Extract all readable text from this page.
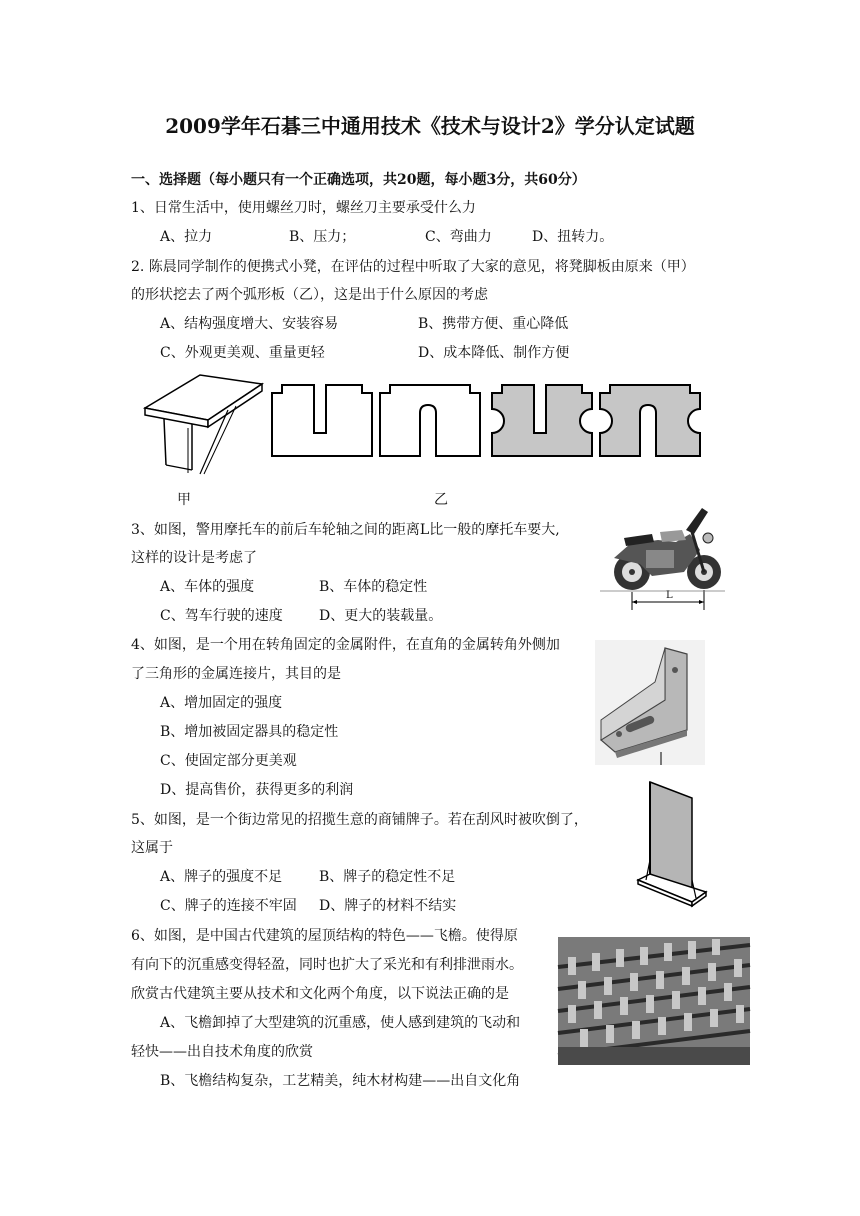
2009学年石碁三中通用技术《技术与设计2》学分认定试题
一、选择题（每小题只有一个正确选项，共20题，每小题3分，共60分）
1、日常生活中，使用螺丝刀时，螺丝刀主要承受什么力
A、拉力	B、压力；	C、弯曲力	D、扭转力。
2. 陈晨同学制作的便携式小凳，在评估的过程中听取了大家的意见，将凳脚板由原来（甲）
的形状挖去了两个弧形板（乙），这是出于什么原因的考虑
A、结构强度增大、安装容易	B、携带方便、重心降低
C、外观更美观、重量更轻	D、成本降低、制作方便
甲	乙
3、如图，警用摩托车的前后车轮轴之间的距离L比一般的摩托车要大,
这样的设计是考虑了
A、车体的强度	B、车体的稳定性
C、驾车行驶的速度	D、更大的装载量。
L
4、如图，是一个用在转角固定的金属附件，在直角的金属转角外侧加
了三角形的金属连接片，其目的是
A、增加固定的强度
B、增加被固定器具的稳定性
C、使固定部分更美观
D、提高售价，获得更多的利润
5、如图，是一个街边常见的招揽生意的商铺牌子。若在刮风时被吹倒了，
这属于
A、牌子的强度不足	B、牌子的稳定性不足
C、牌子的连接不牢固 D、牌子的材料不结实
6、如图，是中国古代建筑的屋顶结构的特色——飞檐。使得原
有向下的沉重感变得轻盈，同时也扩大了采光和有利排泄雨水。
欣赏古代建筑主要从技术和文化两个角度，以下说法正确的是
A、飞檐卸掉了大型建筑的沉重感，使人感到建筑的飞动和
轻快——出自技术角度的欣赏
B、飞檐结构复杂，工艺精美，纯木材构建——出自文化角
